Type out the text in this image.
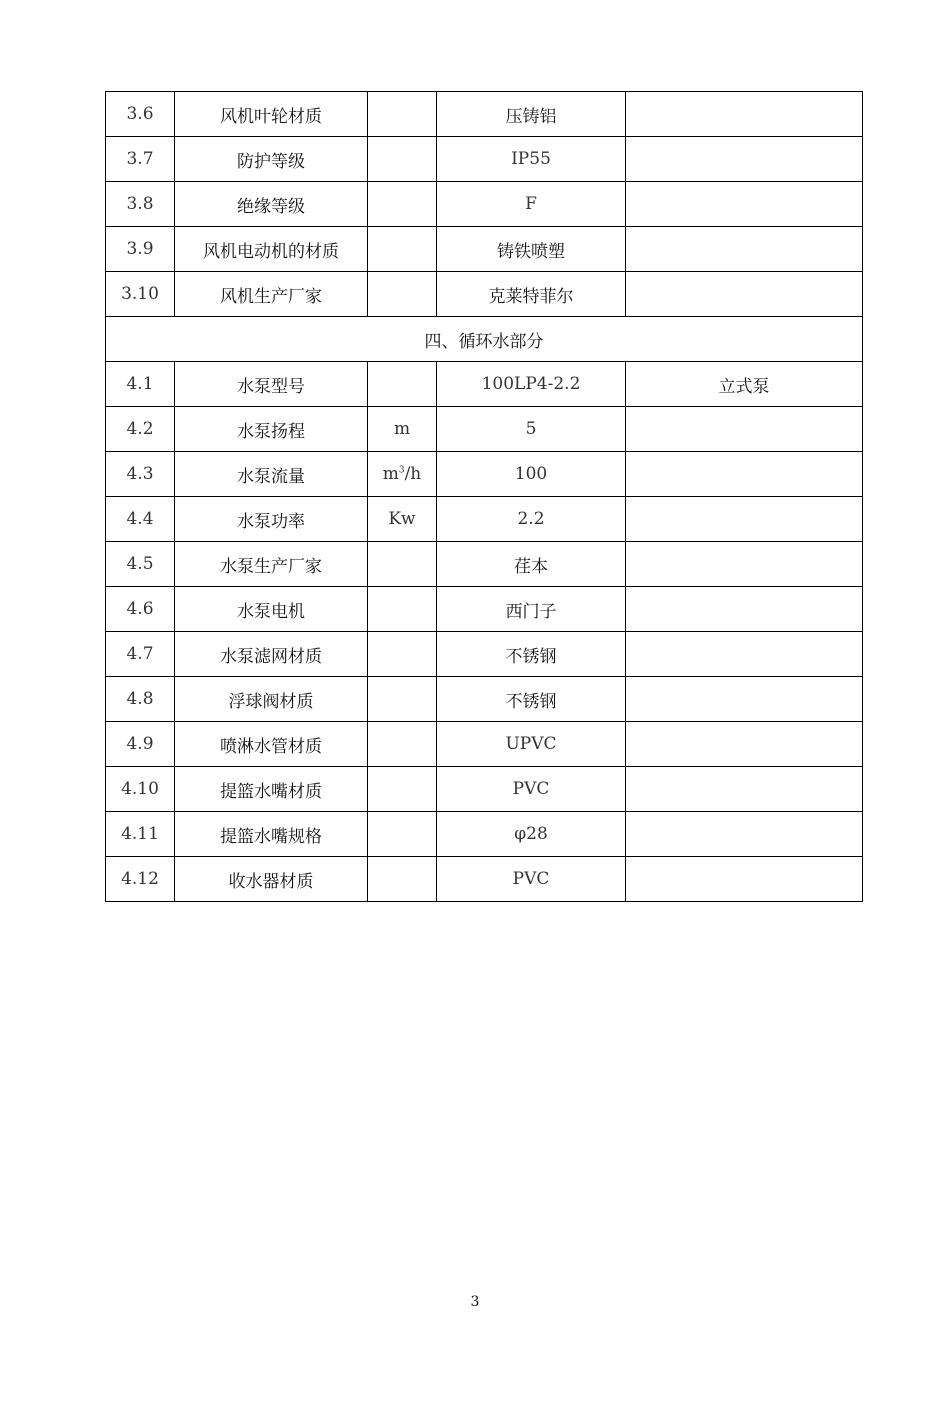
3.6	风机叶轮材质		压铸铝	
3.7	防护等级		IP55	
3.8	绝缘等级		F	
3.9	风机电动机的材质		铸铁喷塑	
3.10	风机生产厂家		克莱特菲尔	
四、循环水部分				
4.1	水泵型号		100LP4-2.2	立式泵
4.2	水泵扬程	m	5	
4.3	水泵流量	$m^3/h$	100	
4.4	水泵功率	Kw	2.2	
4.5	水泵生产厂家		荏本	
4.6	水泵电机		西门子	
4.7	水泵滤网材质		不锈钢	
4.8	浮球阀材质		不锈钢	
4.9	喷淋水管材质		UPVC	
4.10	提篮水嘴材质		PVC	
4.11	提篮水嘴规格		φ28	
4.12	收水器材质		PVC	
3
